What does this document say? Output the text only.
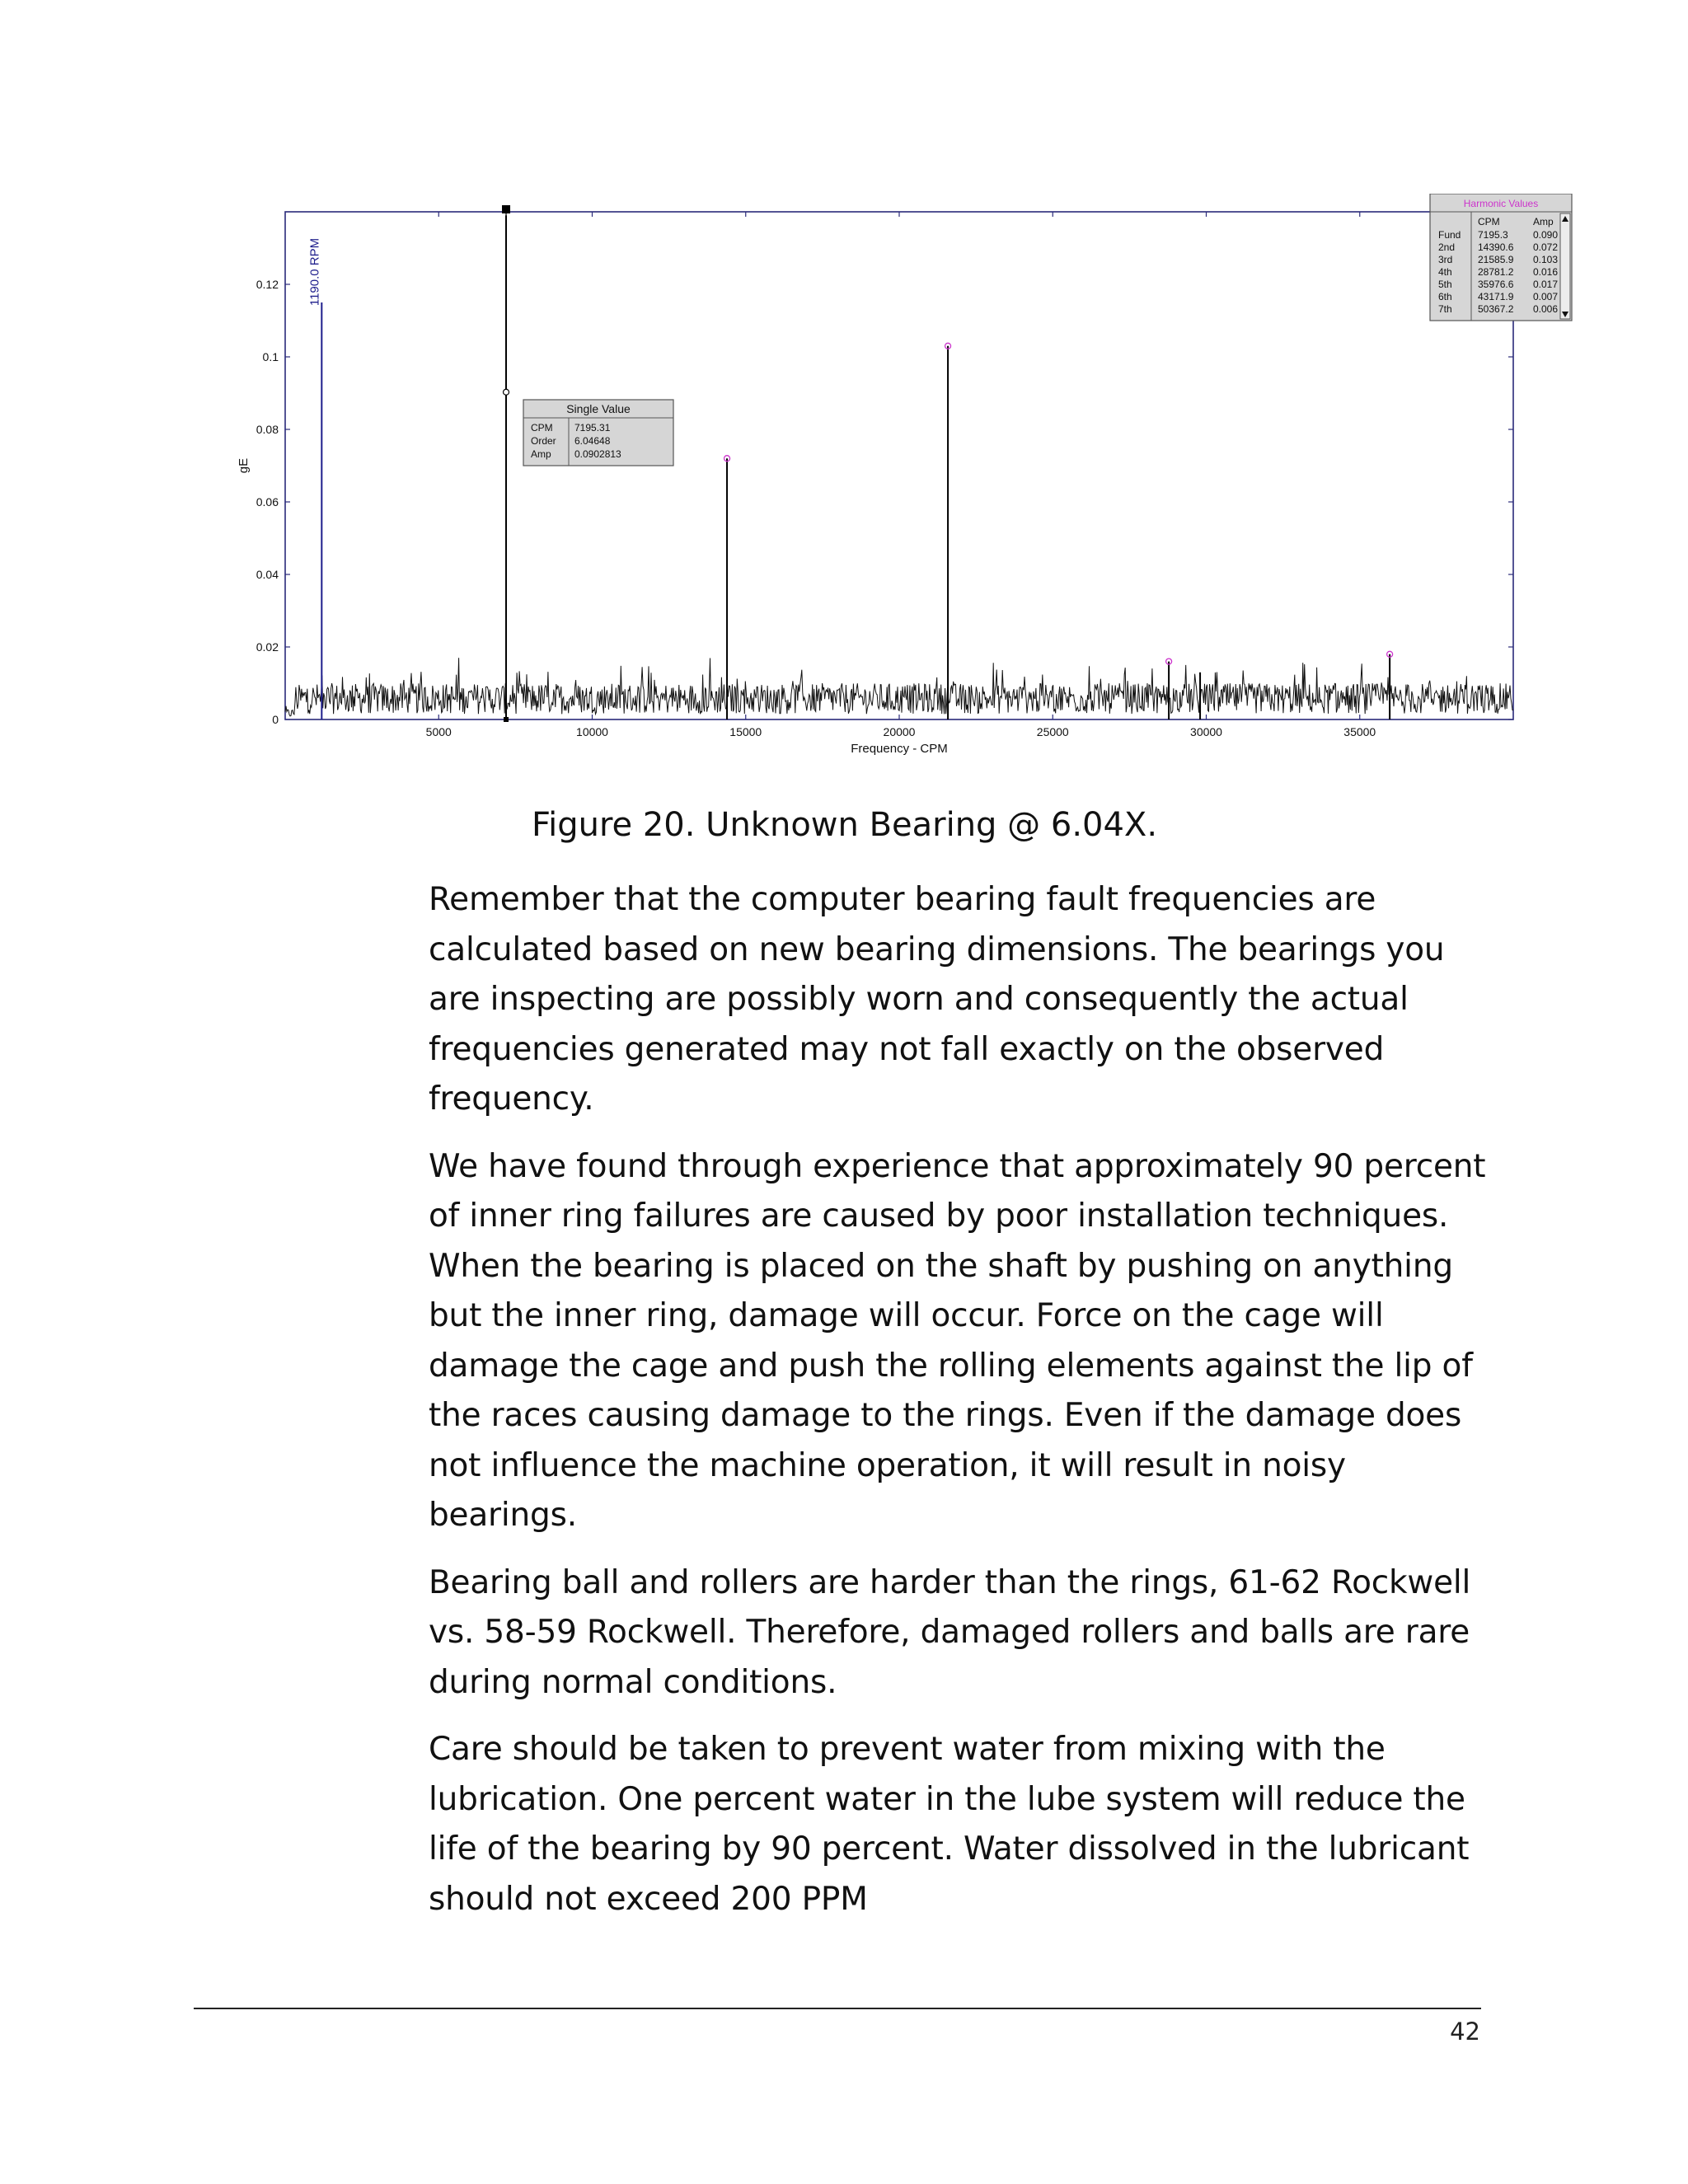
5000	10000	15000	20000	25000	30000	35000
0
0.02
0.04
0.06
0.08
0.1
0.12
Frequency - CPM
gE
1190.0 RPM
Single Value
CPM 7195.31
Order 6.04648
Amp 0.0902813
Harmonic Values
CPM	Amp
Fund 7195.3	0.090
2nd 14390.6 0.072
3rd	21585.9 0.103
4th	28781.2 0.016
5th	35976.6 0.017
6th	43171.9 0.007
7th	50367.2 0.006
Figure 20. Unknown Bearing @ 6.04X.

Remember that the computer bearing fault frequencies are calculated based on new bearing dimensions. The bearings you are inspecting are possibly worn and consequently the actual frequencies generated may not fall exactly on the observed frequency.

We have found through experience that approximately 90 percent of inner ring failures are caused by poor installation techniques. When the bearing is placed on the shaft by pushing on anything but the inner ring, damage will occur. Force on the cage will damage the cage and push the rolling elements against the lip of the races causing damage to the rings. Even if the damage does not influence the machine operation, it will result in noisy bearings.

Bearing ball and rollers are harder than the rings, 61-62 Rockwell vs. 58-59 Rockwell. Therefore, damaged rollers and balls are rare during normal conditions.

Care should be taken to prevent water from mixing with the lubrication. One percent water in the lube system will reduce the life of the bearing by 90 percent. Water dissolved in the lubricant should not exceed 200 PPM

42
